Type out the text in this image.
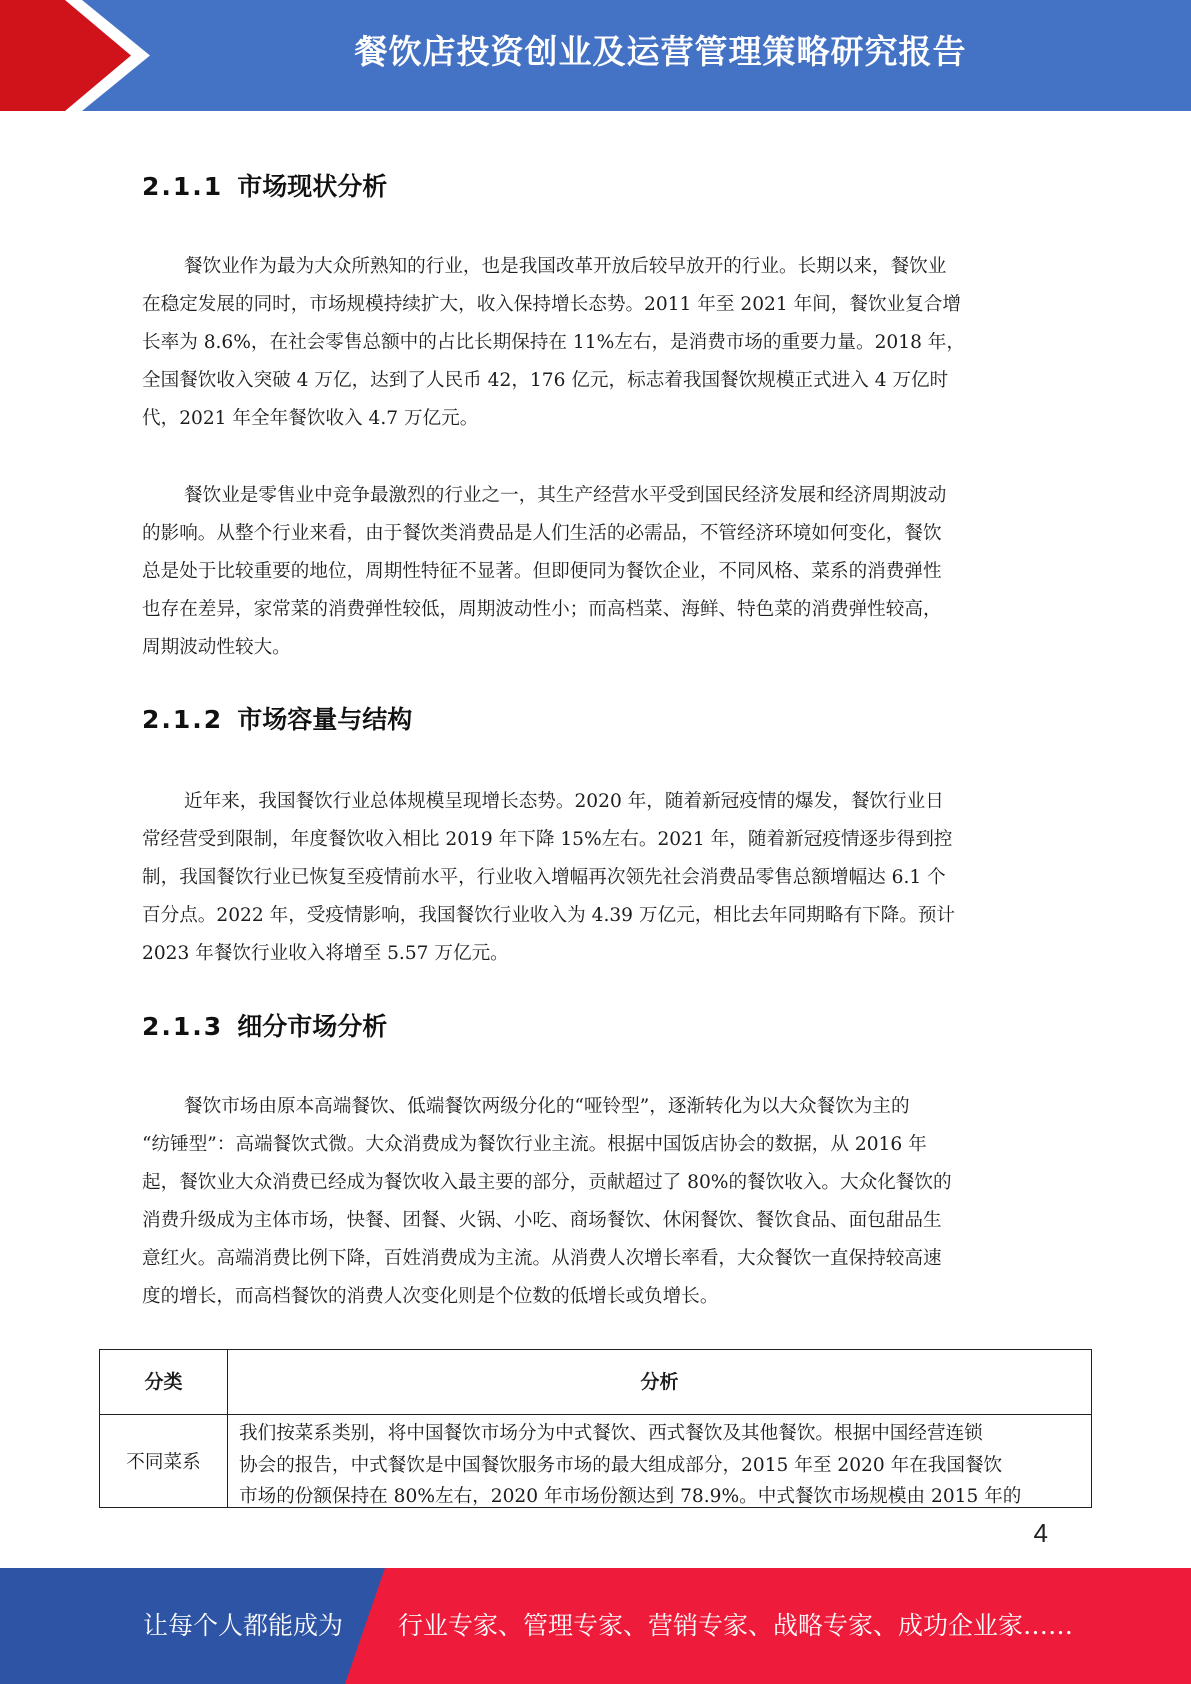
餐饮店投资创业及运营管理策略研究报告
2.1.1 市场现状分析
餐饮业作为最为大众所熟知的行业，也是我国改革开放后较早放开的行业。长期以来，餐饮业
在稳定发展的同时，市场规模持续扩大，收入保持增长态势。2011 年至 2021 年间，餐饮业复合增
长率为 8.6%，在社会零售总额中的占比长期保持在 11%左右，是消费市场的重要力量。2018 年，
全国餐饮收入突破 4 万亿，达到了人民币 42，176 亿元，标志着我国餐饮规模正式进入 4 万亿时
代，2021 年全年餐饮收入 4.7 万亿元。
餐饮业是零售业中竞争最激烈的行业之一，其生产经营水平受到国民经济发展和经济周期波动
的影响。从整个行业来看，由于餐饮类消费品是人们生活的必需品，不管经济环境如何变化，餐饮
总是处于比较重要的地位，周期性特征不显著。但即便同为餐饮企业，不同风格、菜系的消费弹性
也存在差异，家常菜的消费弹性较低，周期波动性小；而高档菜、海鲜、特色菜的消费弹性较高，
周期波动性较大。
2.1.2 市场容量与结构
近年来，我国餐饮行业总体规模呈现增长态势。2020 年，随着新冠疫情的爆发，餐饮行业日
常经营受到限制，年度餐饮收入相比 2019 年下降 15%左右。2021 年，随着新冠疫情逐步得到控
制，我国餐饮行业已恢复至疫情前水平，行业收入增幅再次领先社会消费品零售总额增幅达 6.1 个
百分点。2022 年，受疫情影响，我国餐饮行业收入为 4.39 万亿元，相比去年同期略有下降。预计
2023 年餐饮行业收入将增至 5.57 万亿元。
2.1.3 细分市场分析
餐饮市场由原本高端餐饮、低端餐饮两级分化的“哑铃型”，逐渐转化为以大众餐饮为主的
“纺锤型”：高端餐饮式微。大众消费成为餐饮行业主流。根据中国饭店协会的数据，从 2016 年
起，餐饮业大众消费已经成为餐饮收入最主要的部分，贡献超过了 80%的餐饮收入。大众化餐饮的
消费升级成为主体市场，快餐、团餐、火锅、小吃、商场餐饮、休闲餐饮、餐饮食品、面包甜品生
意红火。高端消费比例下降，百姓消费成为主流。从消费人次增长率看，大众餐饮一直保持较高速
度的增长，而高档餐饮的消费人次变化则是个位数的低增长或负增长。
分类	分析
不同菜系
我们按菜系类别，将中国餐饮市场分为中式餐饮、西式餐饮及其他餐饮。根据中国经营连锁
协会的报告，中式餐饮是中国餐饮服务市场的最大组成部分，2015 年至 2020 年在我国餐饮
市场的份额保持在 80%左右，2020 年市场份额达到 78.9%。中式餐饮市场规模由 2015 年的
4
让每个人都能成为 行业专家、管理专家、营销专家、战略专家、成功企业家……
